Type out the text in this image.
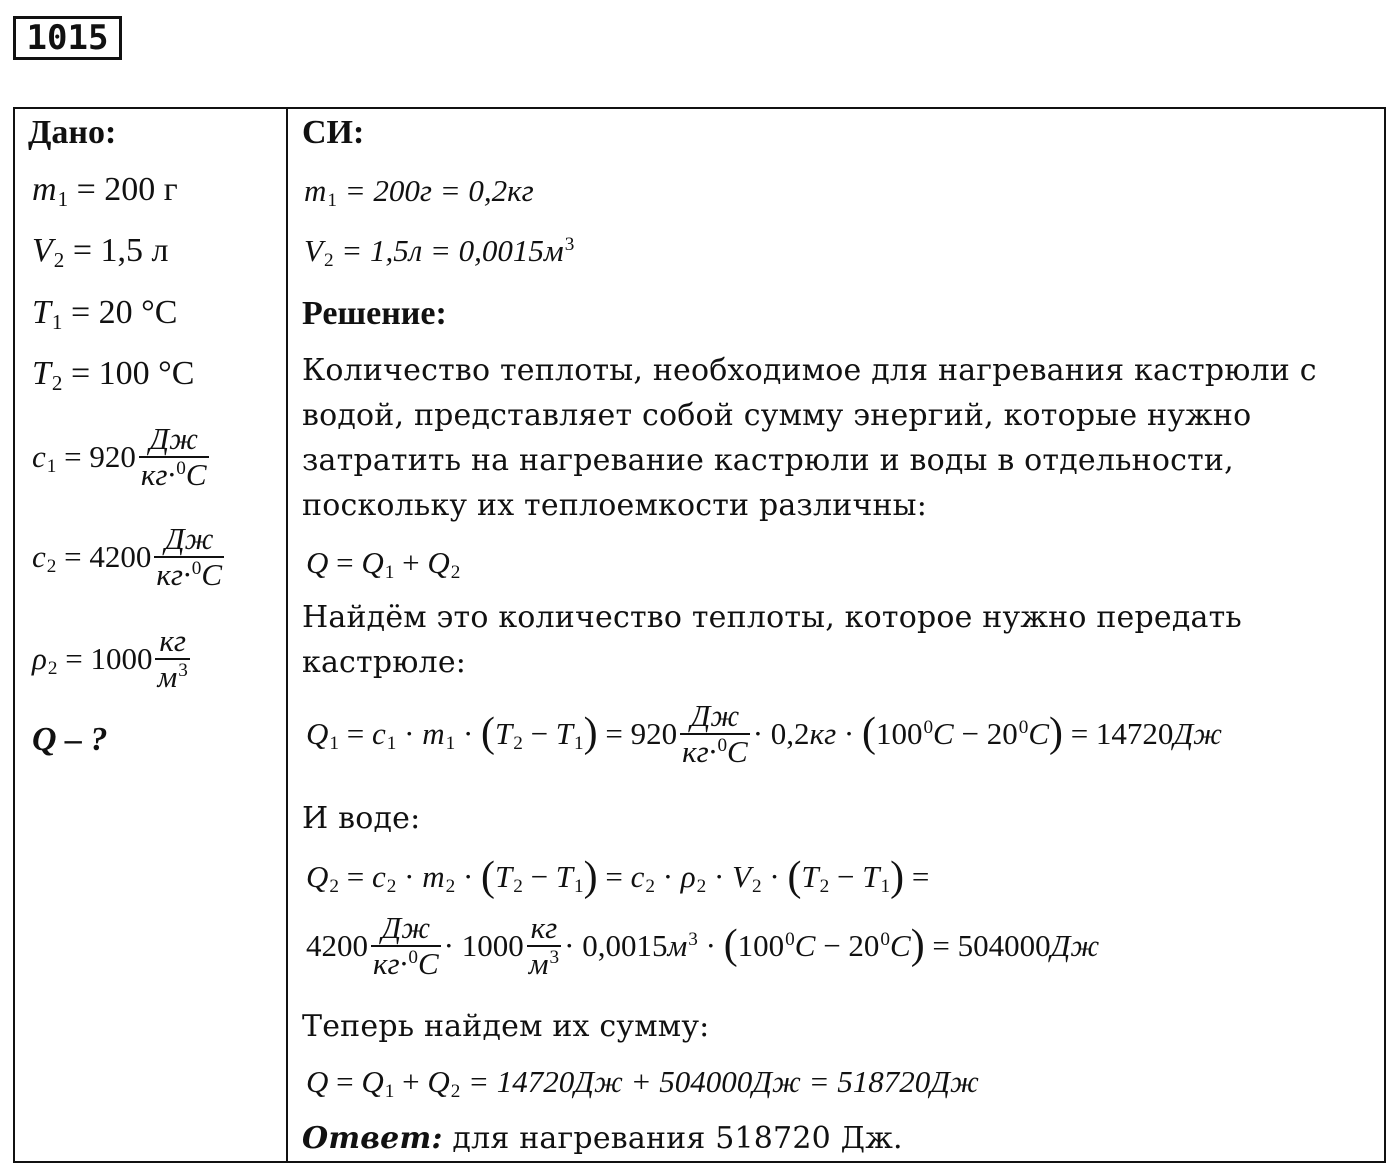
1015
Дано:
m1 = 200 г
V2 = 1,5 л
T1 = 20 °С
T2 = 100 °С
$c1 = 920 \frac{Дж}{кг\cdot^0C}$
$c2 = 4200 \frac{Дж}{кг\cdot^0C}$
$\rho 2 = 1000 \frac{кг}{м^3}$
Q – ?
СИ:
m1 = 200г = 0,2кг
$V2 = 1,5л = 0,0015м^3$
Решение:
Количество теплоты, необходимое для нагревания кастрюли с
водой, представляет собой сумму энергий, которые нужно
затратить на нагревание кастрюли и воды в отдельности,
поскольку их теплоемкости различны:
Q = Q1 + Q2
Найдём это количество теплоты, которое нужно передать
кастрюле:
$Q1 = c1 \cdot m1 \cdot (T2 - T1) = 920 \frac{Дж}{кг\cdot^0C} \cdot 0,2кг \cdot (100^0C - 20^0C) = 14720Дж$
И воде:
Q2 = c2 · m2 · (T2 − T1) = c2 · ρ2 · V2 · (T2 − T1) =
$4200 \frac{Дж}{кг\cdot^0C} \cdot 1000 \frac{кг}{м^3} \cdot 0,0015м^3 \cdot (100^0C - 20^0C) = 504000Дж$
Теперь найдем их сумму:
Q = Q1 + Q2 = 14720Дж + 504000Дж = 518720Дж
Ответ: для нагревания 518720 Дж.
